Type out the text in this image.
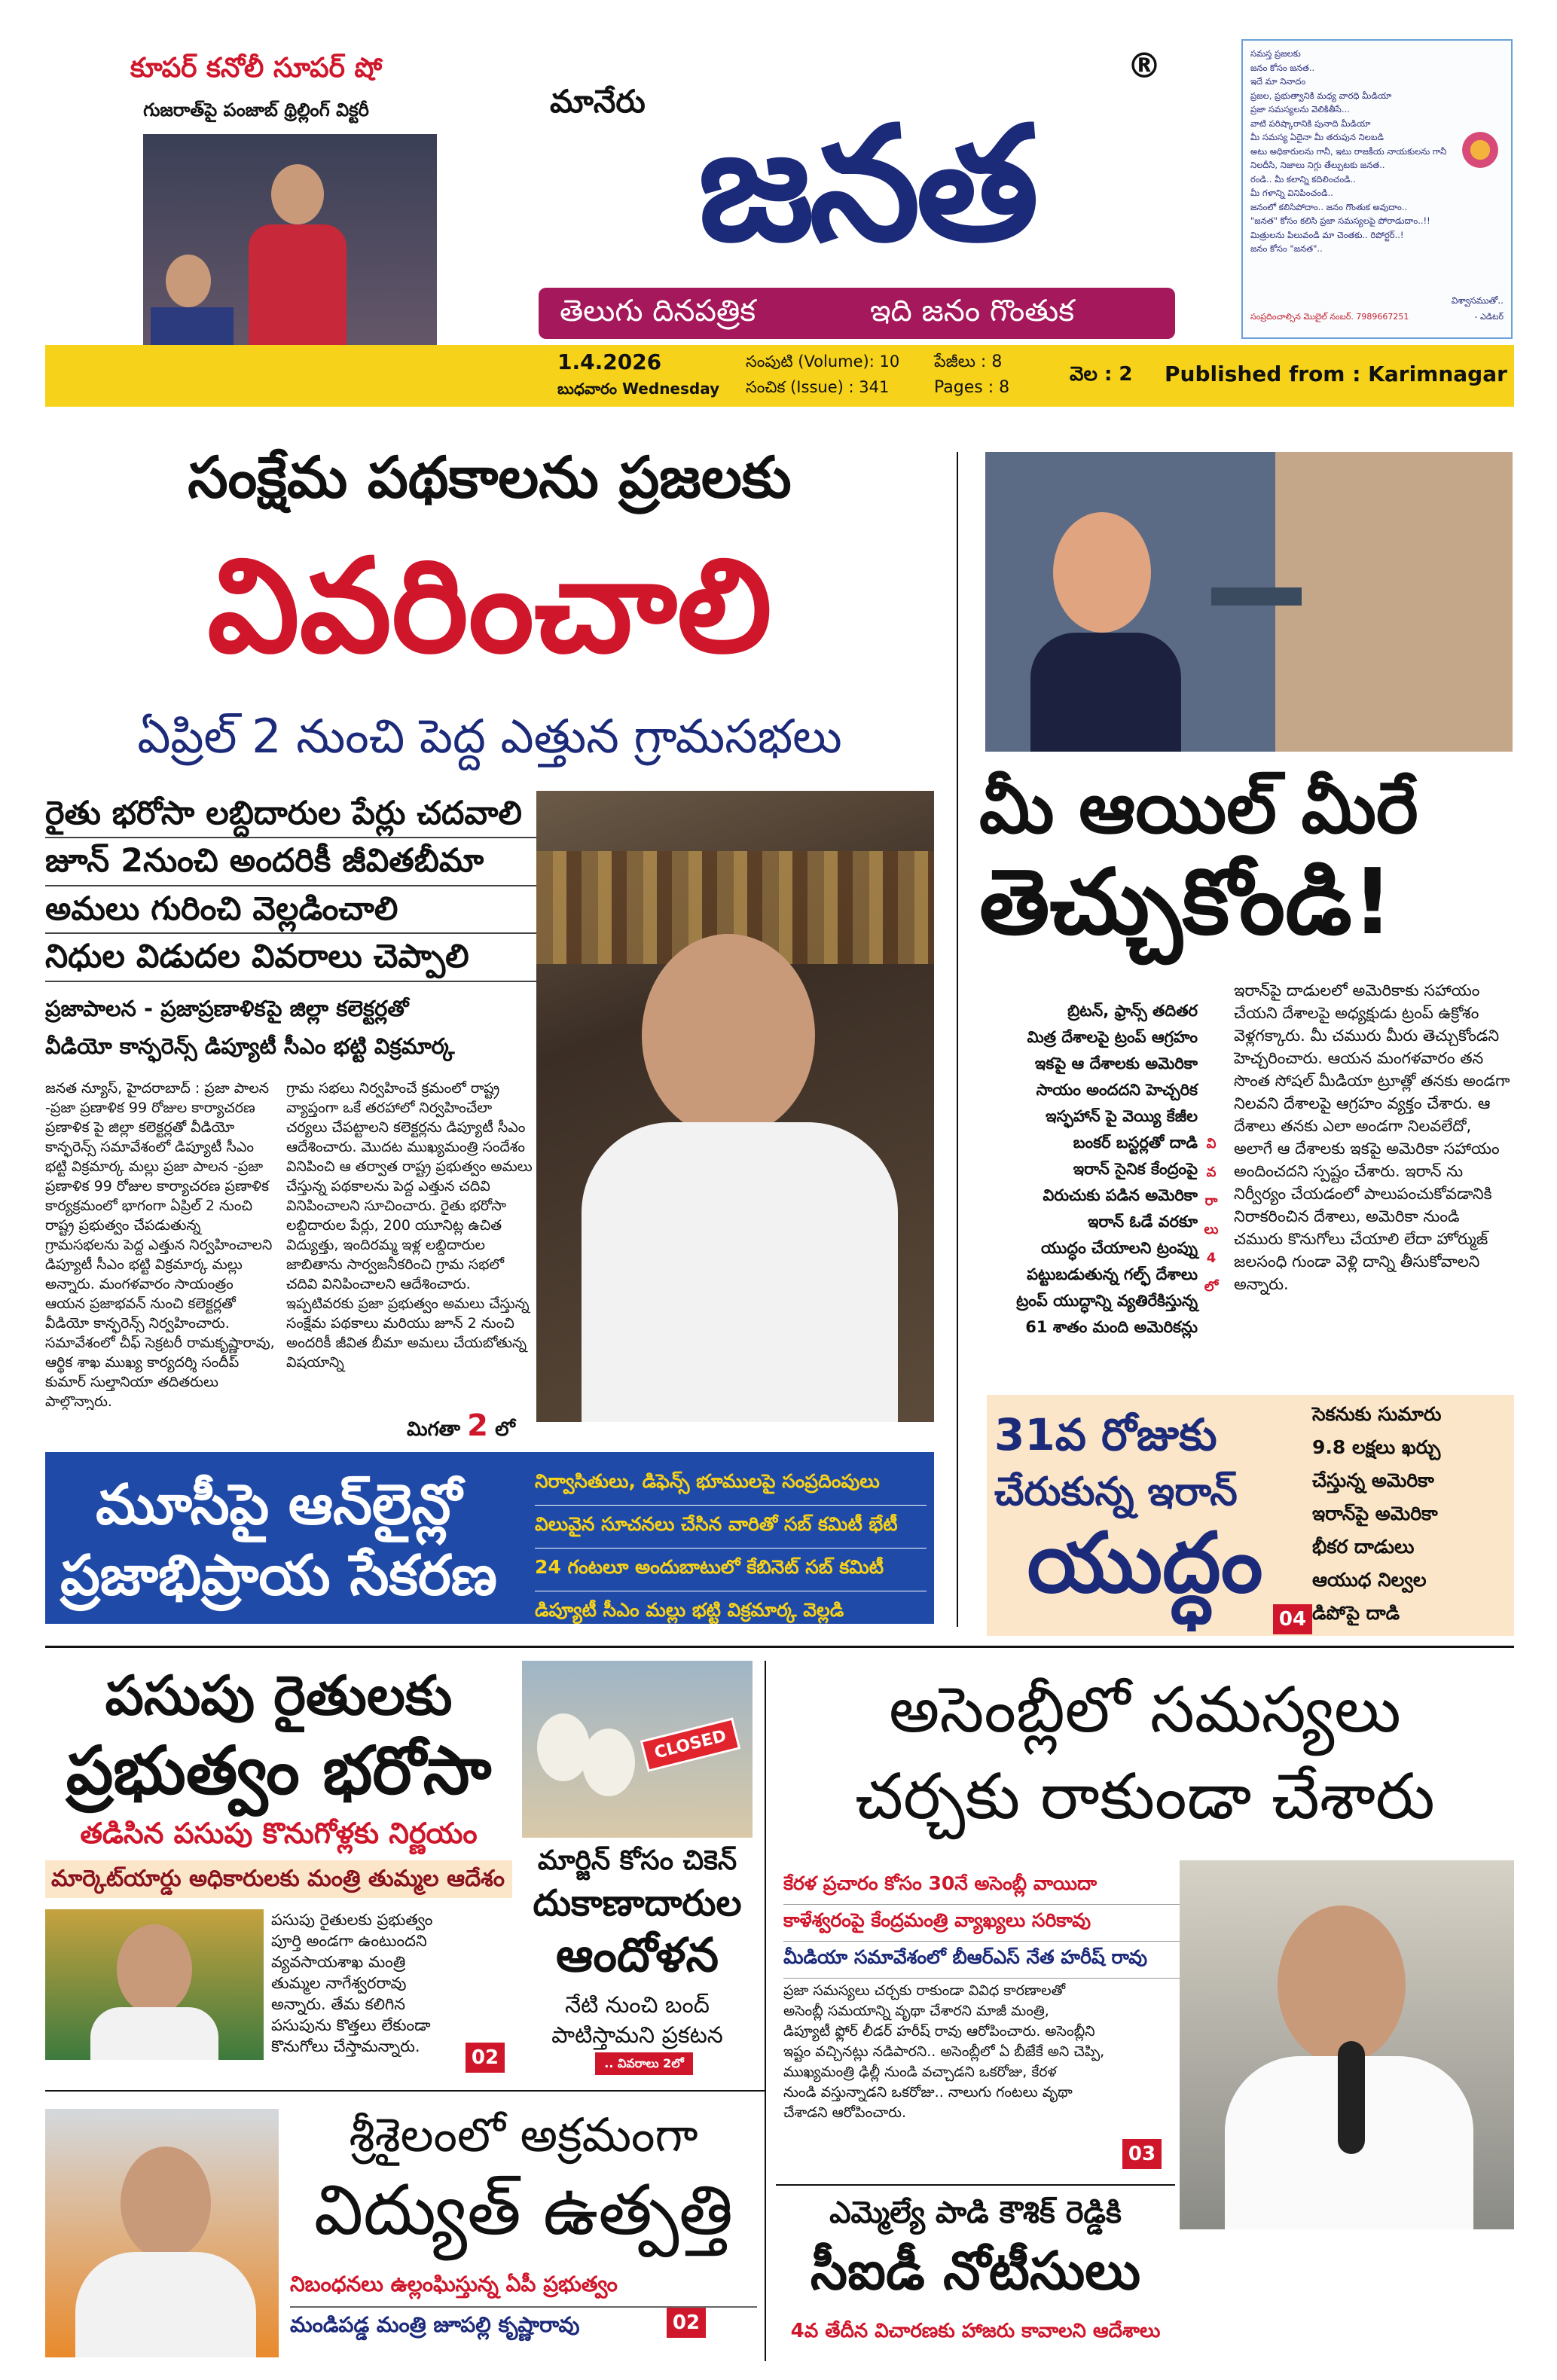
కూపర్ కనోలీ సూపర్ షో
గుజరాత్‌పై పంజాబ్ థ్రిల్లింగ్ విక్టరీ	మానేరు జనత
®
తెలుగు దినపత్రిక	ఇది జనం గొంతుక
సమస్త ప్రజలకు
జనం కోసం జనత..
ఇదే మా నినాదం
ప్రజల, ప్రభుత్వానికి మధ్య వారధి మీడియా
ప్రజా సమస్యలను వెలికితీసే...
వాటి పరిష్కారానికి పునాది మీడియా
మీ సమస్య ఏదైనా మీ తరుపున నిలబడి
అటు అధికారులను గానీ, ఇటు రాజకీయ నాయకులను గానీ
నిలదీసి, నిజాలు నిగ్గు తేల్చుటకు జనత..
రండి.. మీ కలాన్ని కదిలించండి..
మీ గళాన్ని వినిపించండి..
జనంలో కలిసిపోదాం.. జనం గొంతుక అవుదాం..
"జనత" కోసం కలిసి ప్రజా సమస్యలపై పోరాడుదాం..!!
మిత్రులను పిలువండి మా చెంతకు.. రిపోర్టర్..!
జనం కోసం "జనత"..
విశ్వాసముతో..
సంప్రదించాల్సిన మొబైల్ నంబర్. 7989667251	- ఎడిటర్
1.4.2026
బుధవారం Wednesday
సంపుటి (Volume): 10
సంచిక (Issue) : 341
పేజీలు : 8
Pages : 8
వెల : 2 Published from : Karimnagar
సంక్షేమ పథకాలను ప్రజలకు
వివరించాలి
ఏప్రిల్ 2 నుంచి పెద్ద ఎత్తున గ్రామసభలు
రైతు భరోసా లబ్దిదారుల పేర్లు చదవాలి
జూన్ 2నుంచి అందరికీ జీవితబీమా
అమలు గురించి వెల్లడించాలి
నిధుల విడుదల వివరాలు చెప్పాలి
ప్రజాపాలన - ప్రజాప్రణాళికపై జిల్లా కలెక్టర్లతో
వీడియో కాన్ఫరెన్స్ డిప్యూటీ సీఎం భట్టి విక్రమార్క
జనత న్యూస్, హైదరాబాద్ : ప్రజా పాలన -ప్రజా ప్రణాళిక 99 రోజుల కార్యాచరణ ప్రణాళిక పై జిల్లా కలెక్టర్లతో వీడియో కాన్ఫరెన్స్ సమావేశంలో డిప్యూటీ సీఎం భట్టి విక్రమార్క మల్లు ప్రజా పాలన -ప్రజా ప్రణాళిక 99 రోజుల కార్యాచరణ ప్రణాళిక కార్యక్రమంలో భాగంగా ఏప్రిల్ 2 నుంచి రాష్ట్ర ప్రభుత్వం చేపడుతున్న గ్రామసభలను పెద్ద ఎత్తున నిర్వహించాలని డిప్యూటీ సీఎం భట్టి విక్రమార్క మల్లు అన్నారు. మంగళవారం సాయంత్రం ఆయన ప్రజాభవన్ నుంచి కలెక్టర్లతో వీడియో కాన్ఫరెన్స్ నిర్వహించారు. సమావేశంలో చీఫ్ సెక్రటరీ రామకృష్ణారావు, ఆర్థిక శాఖ ముఖ్య కార్యదర్శి సందీప్ కుమార్ సుల్తానియా తదితరులు పాల్గొన్నారు.
గ్రామ సభలు నిర్వహించే క్రమంలో రాష్ట్ర వ్యాప్తంగా ఒకే తరహాలో నిర్వహించేలా చర్యలు చేపట్టాలని కలెక్టర్లను డిప్యూటీ సీఎం ఆదేశించారు. మొదట ముఖ్యమంత్రి సందేశం వినిపించి ఆ తర్వాత రాష్ట్ర ప్రభుత్వం అమలు చేస్తున్న పథకాలను పెద్ద ఎత్తున చదివి వినిపించాలని సూచించారు. రైతు భరోసా లబ్దిదారుల పేర్లు, 200 యూనిట్ల ఉచిత విద్యుత్తు, ఇందిరమ్మ ఇళ్ల లబ్దిదారుల జాబితాను సార్వజనీకరించి గ్రామ సభలో చదివి వినిపించాలని ఆదేశించారు. ఇప్పటివరకు ప్రజా ప్రభుత్వం అమలు చేస్తున్న సంక్షేమ పథకాలు మరియు జూన్ 2 నుంచి అందరికీ జీవిత బీమా అమలు చేయబోతున్న విషయాన్ని
మిగతా 2 లో
మూసీపై ఆన్‌లైన్లో
ప్రజాభిప్రాయ సేకరణ
నిర్వాసితులు, డిఫెన్స్ భూములపై సంప్రదింపులు
విలువైన సూచనలు చేసిన వారితో సబ్ కమిటీ భేటీ
24 గంటలూ అందుబాటులో కేబినెట్ సబ్ కమిటీ
డిప్యూటీ సీఎం మల్లు భట్టి విక్రమార్క వెల్లడి
మీ ఆయిల్ మీరే
తెచ్చుకోండి!
బ్రిటన్, ఫ్రాన్స్ తదితర
మిత్ర దేశాలపై ట్రంప్ ఆగ్రహం
ఇకపై ఆ దేశాలకు అమెరికా
సాయం అందదని హెచ్చరిక
ఇస్ఫహాన్ పై వెయ్యి కేజీల
బంకర్ బస్టర్లతో దాడి
ఇరాన్ సైనిక కేంద్రంపై
విరుచుకు పడిన అమెరికా
ఇరాన్ ఓడే వరకూ
యుద్ధం చేయాలని ట్రంప్ను
పట్టుబడుతున్న గల్ఫ్ దేశాలు
ట్రంప్ యుద్ధాన్ని వ్యతిరేకిస్తున్న
61 శాతం మంది అమెరికన్లు
వి
వ
రా
లు
4
లో
ఇరాన్‌పై దాడులలో అమెరికాకు సహాయం చేయని దేశాలపై అధ్యక్షుడు ట్రంప్ ఉక్రోశం వెళ్లగక్కారు. మీ చమురు మీరు తెచ్చుకోండని హెచ్చరించారు. ఆయన మంగళవారం తన సొంత సోషల్ మీడియా ట్రూత్లో తనకు అండగా నిలవని దేశాలపై ఆగ్రహం వ్యక్తం చేశారు. ఆ దేశాలు తనకు ఎలా అండగా నిలవలేదో, అలాగే ఆ దేశాలకు ఇకపై అమెరికా సహాయం అందించదని స్పష్టం చేశారు. ఇరాన్ ను నిర్వీర్యం చేయడంలో పాలుపంచుకోవడానికి నిరాకరించిన దేశాలు, అమెరికా నుండి చమురు కొనుగోలు చేయాలి లేదా హోర్ముజ్ జలసంధి గుండా వెళ్లి దాన్ని తీసుకోవాలని అన్నారు.
31వ రోజుకు
చేరుకున్న ఇరాన్
యుద్ధం
సెకనుకు సుమారు
9.8 లక్షలు ఖర్చు
చేస్తున్న అమెరికా
ఇరాన్‌పై అమెరికా
భీకర దాడులు
ఆయుధ నిల్వల
డిపోపై దాడి
04
పసుపు రైతులకు
ప్రభుత్వం భరోసా
తడిసిన పసుపు కొనుగోళ్లకు నిర్ణయం
మార్కెట్‌యార్డు అధికారులకు మంత్రి తుమ్మల ఆదేశం
పసుపు రైతులకు ప్రభుత్వం
పూర్తి అండగా ఉంటుందని
వ్యవసాయశాఖ మంత్రి
తుమ్మల నాగేశ్వరరావు
అన్నారు. తేమ కలిగిన
పసుపును కొత్తలు లేకుండా
కొనుగోలు చేస్తామన్నారు.	02
CLOSED
మార్జిన్ కోసం చికెన్
దుకాణాదారుల
ఆందోళన
నేటి నుంచి బంద్
పాటిస్తామని ప్రకటన
.. వివరాలు 2లో
అసెంబ్లీలో సమస్యలు
చర్చకు రాకుండా చేశారు
కేరళ ప్రచారం కోసం 30నే అసెంబ్లీ వాయిదా
కాళేశ్వరంపై కేంద్రమంత్రి వ్యాఖ్యలు సరికావు
మీడియా సమావేశంలో బీఆర్ఎస్ నేత హరీష్ రావు
ప్రజా సమస్యలు చర్చకు రాకుండా వివిధ కారణాలతో
అసెంబ్లీ సమయాన్ని వృథా చేశారని మాజీ మంత్రి,
డిప్యూటీ ఫ్లోర్ లీడర్ హరీష్ రావు ఆరోపించారు. అసెంబ్లీని
ఇష్టం వచ్చినట్లు నడిపారని.. అసెంబ్లీలో ఏ బీజేకే అని చెప్పి,
ముఖ్యమంత్రి ఢిల్లీ నుండి వచ్చాడని ఒకరోజు, కేరళ
నుండి వస్తున్నాడని ఒకరోజు.. నాలుగు గంటలు వృథా
చేశాడని ఆరోపించారు.
03
శ్రీశైలంలో అక్రమంగా
విద్యుత్ ఉత్పత్తి
నిబంధనలు ఉల్లంఘిస్తున్న ఏపీ ప్రభుత్వం
మండిపడ్డ మంత్రి జూపల్లి కృష్ణారావు	02
ఎమ్మెల్యే పాడి కౌశిక్ రెడ్డికి
సీఐడీ నోటీసులు
4వ తేదీన విచారణకు హాజరు కావాలని ఆదేశాలు
